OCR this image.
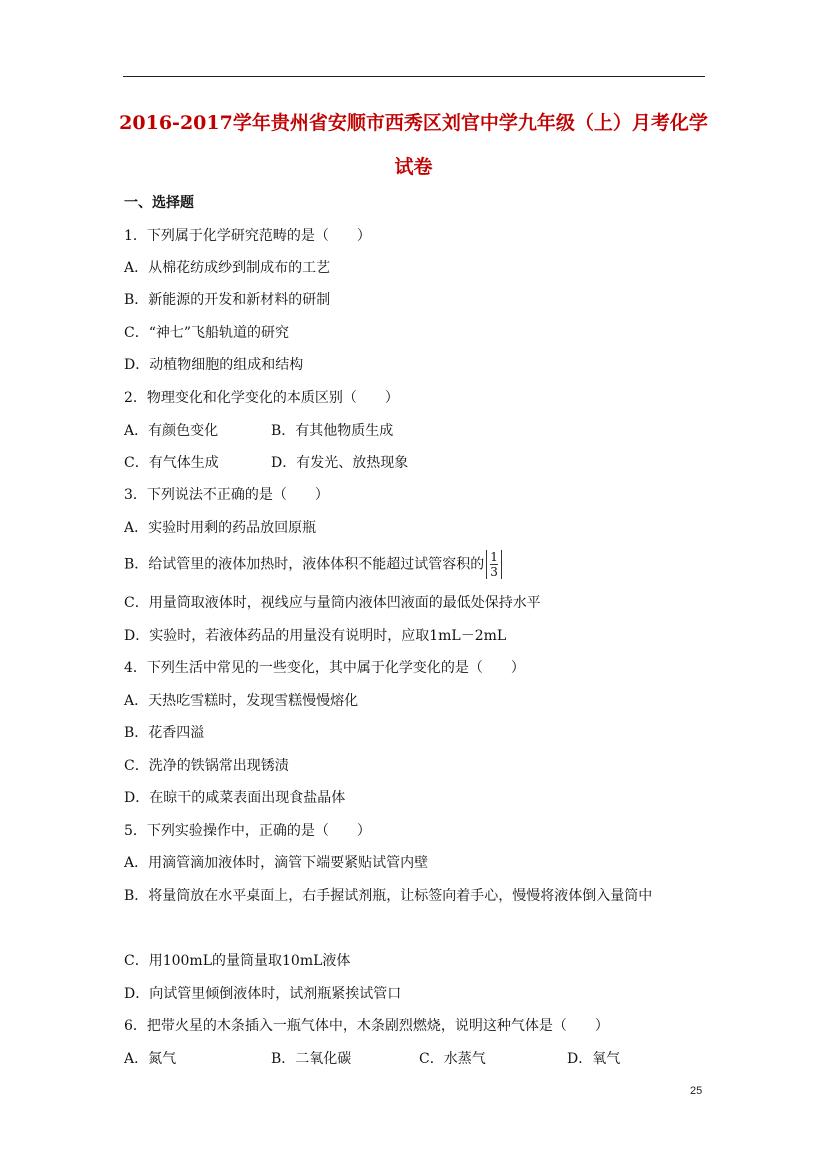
2016-2017学年贵州省安顺市西秀区刘官中学九年级（上）月考化学
试卷
一、选择题
1．下列属于化学研究范畴的是（　　）
A．从棉花纺成纱到制成布的工艺
B．新能源的开发和新材料的研制
C．“神七”飞船轨道的研究
D．动植物细胞的组成和结构
2．物理变化和化学变化的本质区别（　　）
A．有颜色变化	B．有其他物质生成
C．有气体生成	D．有发光、放热现象
3．下列说法不正确的是（　　）
A．实验时用剩的药品放回原瓶
B．给试管里的液体加热时，液体体积不能超过试管容积的 $\frac{1}{3}$
C．用量筒取液体时，视线应与量筒内液体凹液面的最低处保持水平
D．实验时，若液体药品的用量没有说明时，应取1mL－2mL
4．下列生活中常见的一些变化，其中属于化学变化的是（　　）
A．天热吃雪糕时，发现雪糕慢慢熔化
B．花香四溢
C．洗净的铁锅常出现锈渍
D．在晾干的咸菜表面出现食盐晶体
5．下列实验操作中，正确的是（　　）
A．用滴管滴加液体时，滴管下端要紧贴试管内壁
B．将量筒放在水平桌面上，右手握试剂瓶，让标签向着手心，慢慢将液体倒入量筒中
C．用100mL的量筒量取10mL液体
D．向试管里倾倒液体时，试剂瓶紧挨试管口
6．把带火星的木条插入一瓶气体中，木条剧烈燃烧，说明这种气体是（　　）
A．氮气	B．二氧化碳	C．水蒸气	D．氧气
25
